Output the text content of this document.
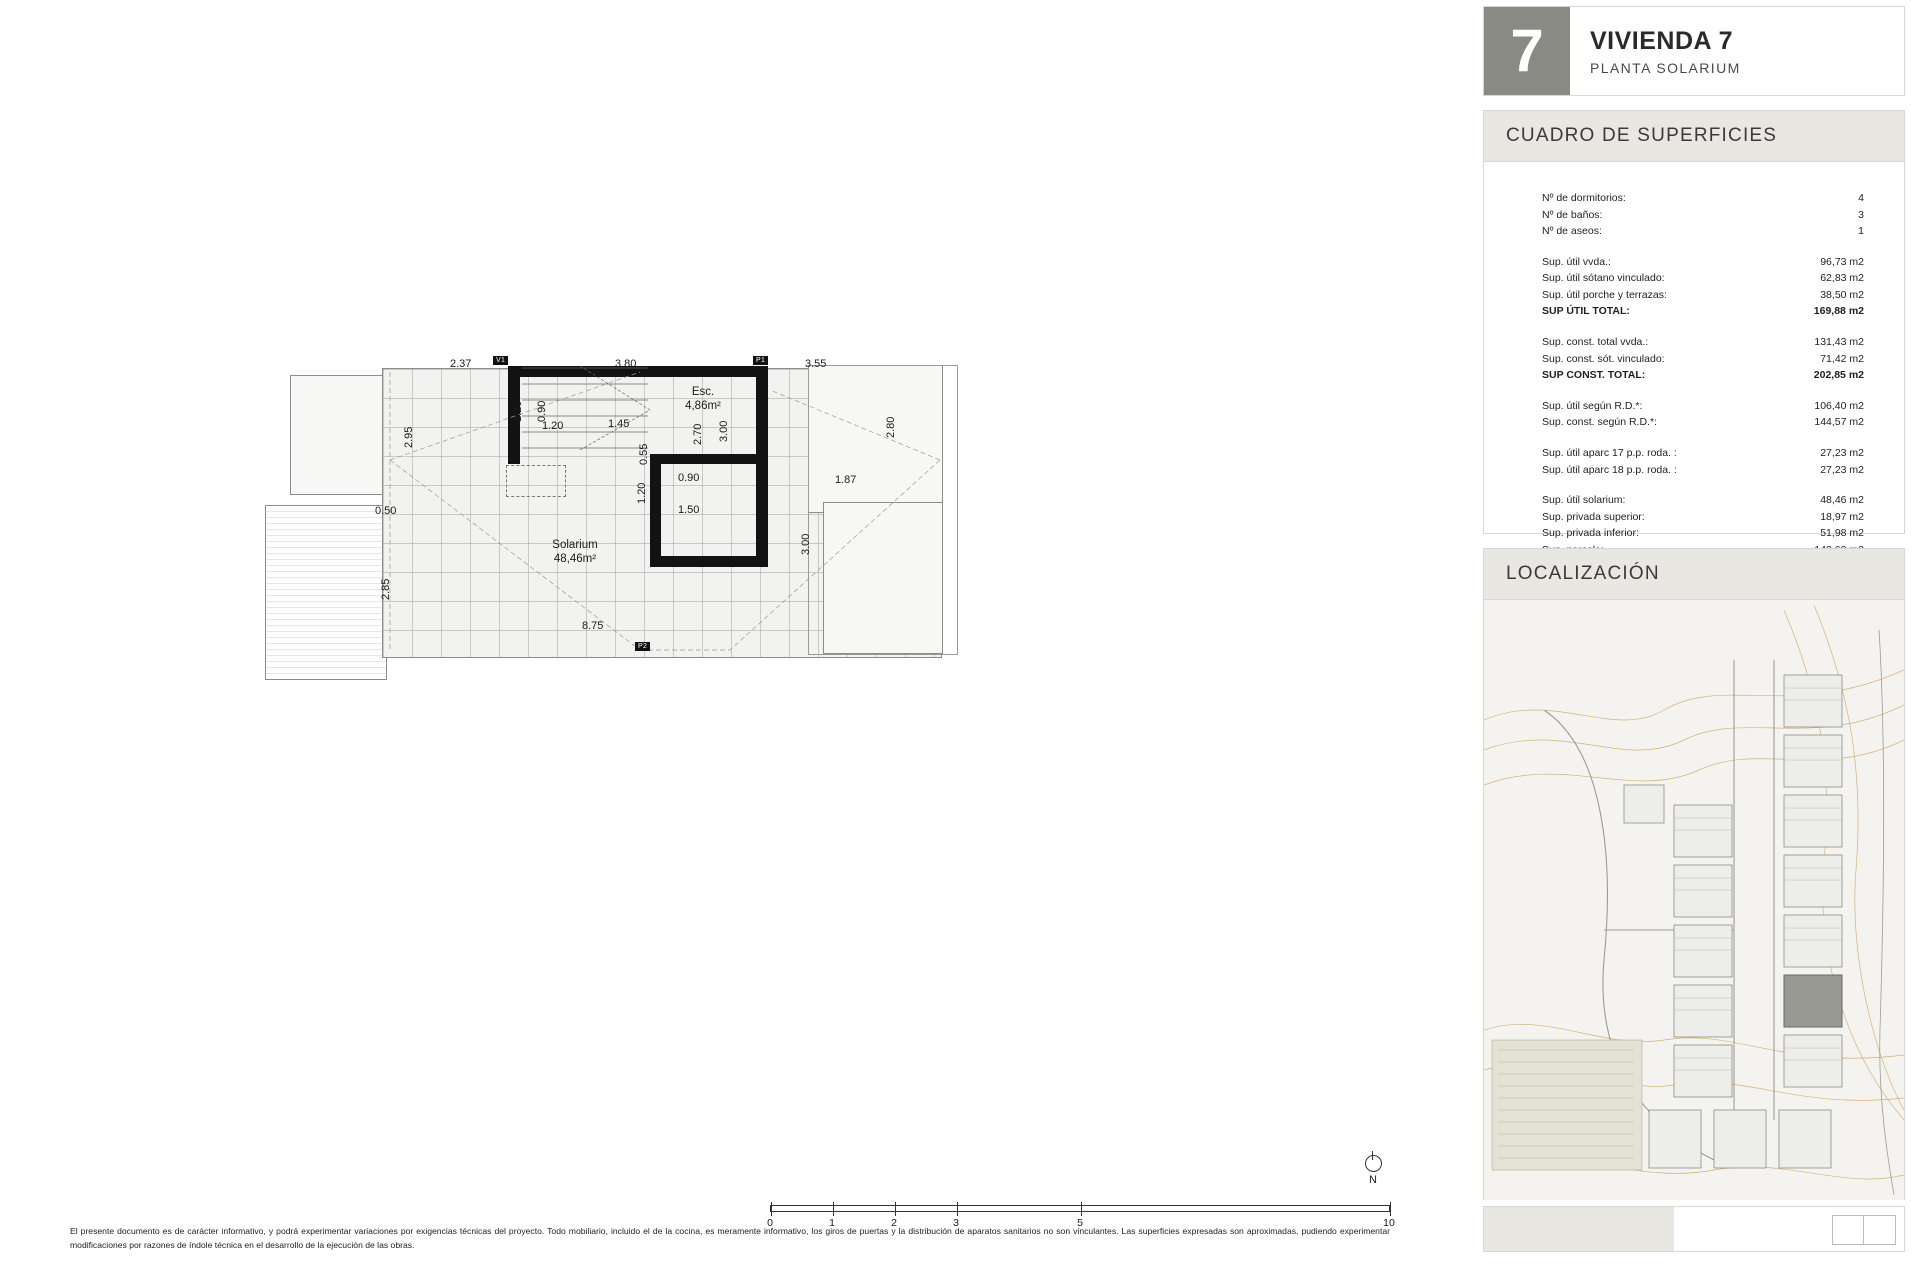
Solarium
48,46m²
Esc.
4,86m²
V1	P1
P2
2.37	3.80	3.55
2.95
1.20 0.90
2.85
0.55
2.70 3.00
1.20
2.80
3.00
1.20	1.45
0.90	1.87
0.50	1.50
8.75
N
0	1	2	3	5	10
El presente documento es de carácter informativo, y podrá experimentar variaciones por exigencias técnicas del proyecto. Todo mobiliario, incluido el de la cocina, es meramente informativo, los giros de puertas y la distribución de aparatos sanitarios no son vinculantes. Las superficies expresadas son aproximadas, pudiendo experimentar modificaciones por razones de índole técnica en el desarrollo de la ejecución de las obras.
7	VIVIENDA 7
PLANTA SOLARIUM
CUADRO DE SUPERFICIES
Nº de dormitorios:	4
Nº de baños:	3
Nº de aseos:	1
Sup. útil vvda.:	96,73 m2
Sup. útil sótano vinculado:	62,83 m2
Sup. útil porche y terrazas:	38,50 m2
SUP ÚTIL TOTAL:	169,88 m2
Sup. const. total vvda.:	131,43 m2
Sup. const. sót. vinculado:	71,42 m2
SUP CONST. TOTAL:	202,85 m2
Sup. útil según R.D.*:	106,40 m2
Sup. const. según R.D.*:	144,57 m2
Sup. útil aparc 17 p.p. roda. :	27,23 m2
Sup. útil aparc 18 p.p. roda. :	27,23 m2
Sup. útil solarium:	48,46 m2
Sup. privada superior:	18,97 m2
Sup. privada inferior:	51,98 m2
LOCALIZACIÓN
